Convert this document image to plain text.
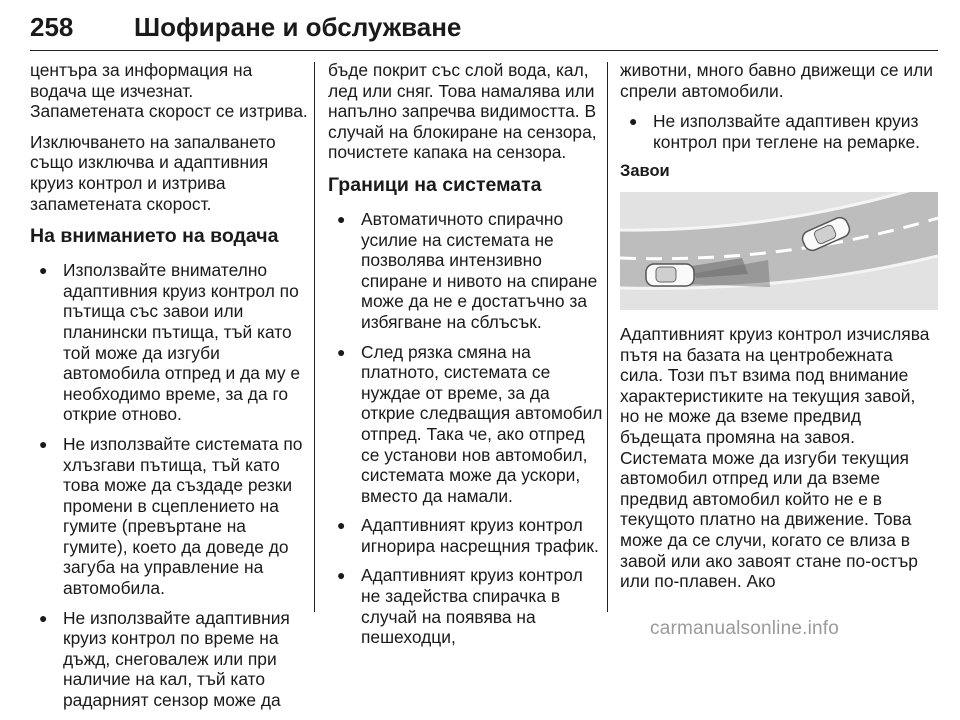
258 Шофиране и обслужване

центъра за информация на водача ще изчезнат. Запаметената скорост се изтрива.

Изключването на запалването също изключва и адаптивния круиз контрол и изтрива запаметената скорост.

На вниманието на водача
● Използвайте внимателно адаптивния круиз контрол по пътища със завои или планински пътища, тъй като той може да изгуби автомобила отпред и да му е необходимо време, за да го открие отново.
● Не използвайте системата по хлъзгави пътища, тъй като това може да създаде резки промени в сцеплението на гумите (превъртане на гумите), което да доведе до загуба на управление на автомобила.
● Не използвайте адаптивния круиз контрол по време на дъжд, снеговалеж или при наличие на кал, тъй като радарният сензор може да

бъде покрит със слой вода, кал, лед или сняг. Това намалява или напълно запречва видимостта. В случай на блокиране на сензора, почистете капака на сензора.

Граници на системата
● Автоматичното спирачно усилие на системата не позволява интензивно спиране и нивото на спиране може да не е достатъчно за избягване на сблъсък.
● След рязка смяна на платното, системата се нуждае от време, за да открие следващия автомобил отпред. Така че, ако отпред се установи нов автомобил, системата може да ускори, вместо да намали.
● Адаптивният круиз контрол игнорира насрещния трафик.
● Адаптивният круиз контрол не задейства спирачка в случай на появява на пешеходци,

животни, много бавно движещи се или спрели автомобили.

● Не използвайте адаптивен круиз контрол при теглене на ремарке.
Завои

Адаптивният круиз контрол изчислява пътя на базата на центробежната сила. Този път взима под внимание характеристиките на текущия завой, но не може да вземе предвид бъдещата промяна на завоя. Системата може да изгуби текущия автомобил отпред или да вземе предвид автомобил който не е в текущото платно на движение. Това може да се случи, когато се влиза в завой или ако завоят стане по-остър или по-плавен. Ако

carmanualsonline.info
